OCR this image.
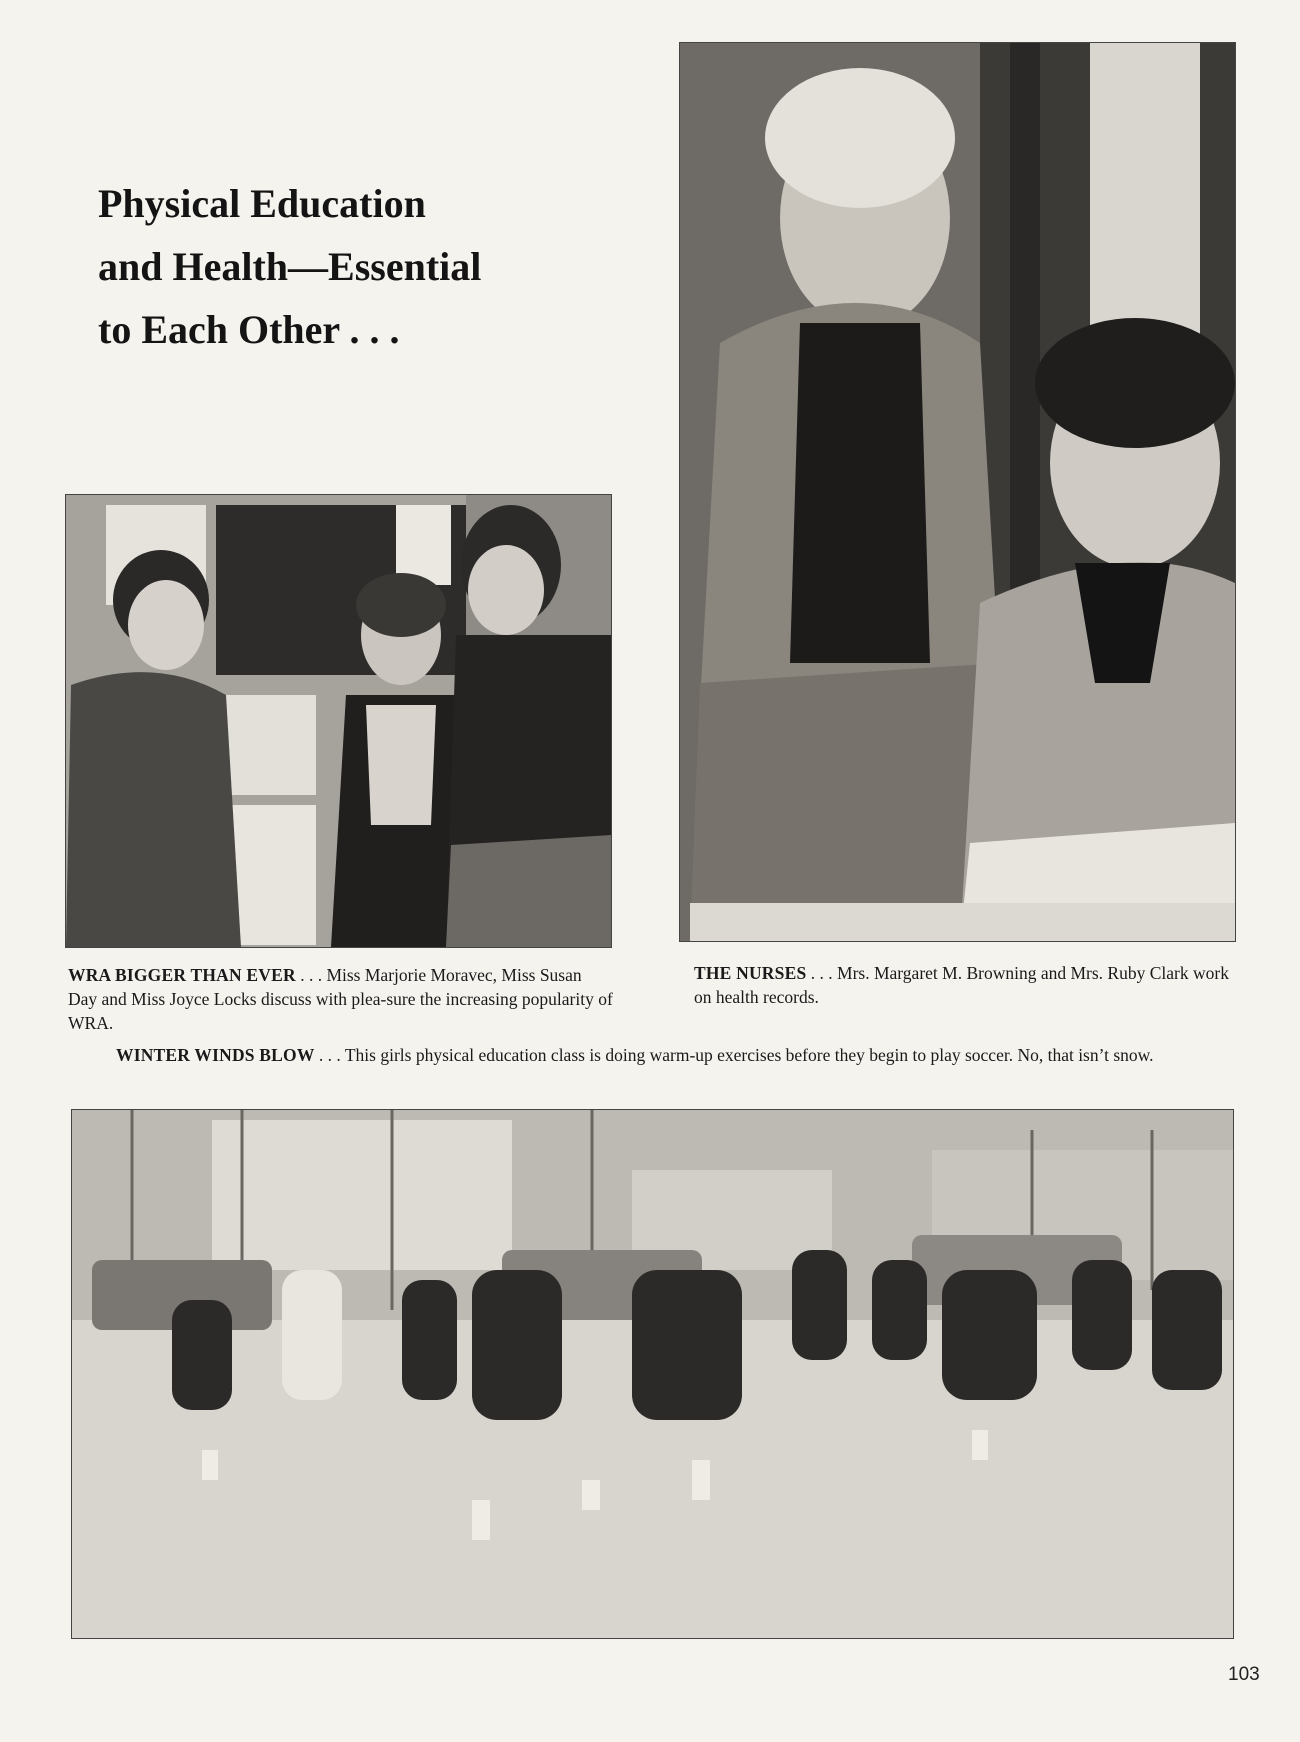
Physical Education
and Health—Essential
to Each Other . . .

WRA BIGGER THAN EVER . . . Miss Marjorie Moravec, Miss Susan Day and Miss Joyce Locks discuss with plea-sure the increasing popularity of WRA.

THE NURSES . . . Mrs. Margaret M. Browning and Mrs. Ruby Clark work on health records.

WINTER WINDS BLOW . . . This girls physical education class is doing warm-up exercises before they begin to play soccer. No, that isn’t snow.

103
